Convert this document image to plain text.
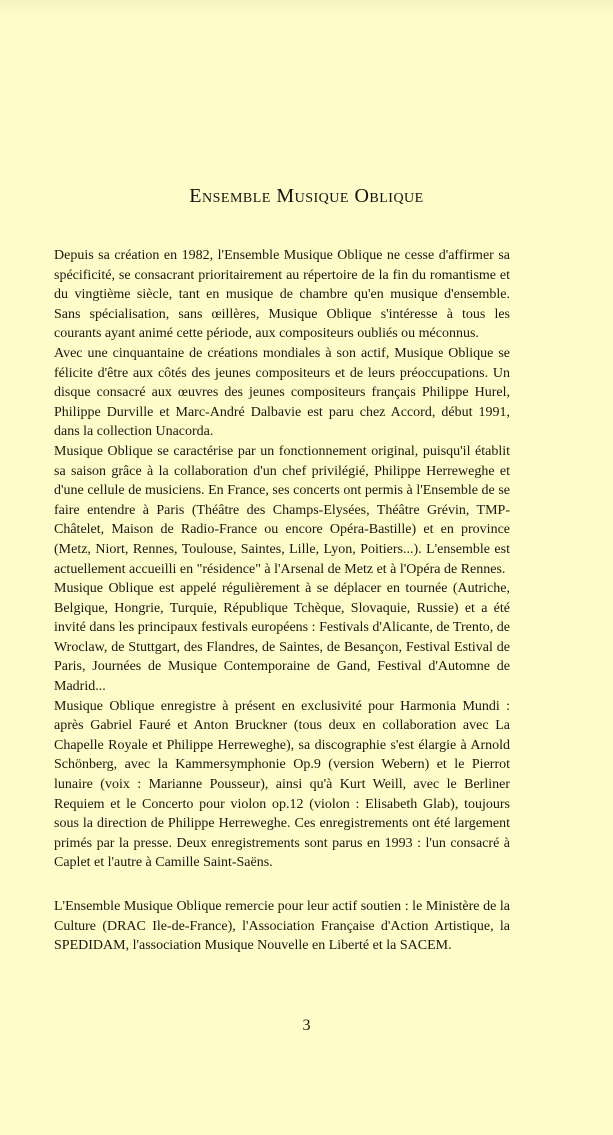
Ensemble Musique Oblique

Depuis sa création en 1982, l'Ensemble Musique Oblique ne cesse d'affirmer sa spécificité, se consacrant prioritairement au répertoire de la fin du romantisme et du vingtième siècle, tant en musique de chambre qu'en musique d'ensemble. Sans spécialisation, sans œillères, Musique Oblique s'intéresse à tous les courants ayant animé cette période, aux compositeurs oubliés ou méconnus.

Avec une cinquantaine de créations mondiales à son actif, Musique Oblique se félicite d'être aux côtés des jeunes compositeurs et de leurs préoccupations. Un disque consacré aux œuvres des jeunes compositeurs français Philippe Hurel, Philippe Durville et Marc-André Dalbavie est paru chez Accord, début 1991, dans la collection Unacorda.

Musique Oblique se caractérise par un fonctionnement original, puisqu'il établit sa saison grâce à la collaboration d'un chef privilégié, Philippe Herreweghe et d'une cellule de musiciens. En France, ses concerts ont permis à l'Ensemble de se faire entendre à Paris (Théâtre des Champs-Elysées, Théâtre Grévin, TMP-Châtelet, Maison de Radio-France ou encore Opéra-Bastille) et en province (Metz, Niort, Rennes, Toulouse, Saintes, Lille, Lyon, Poitiers...). L'ensemble est actuellement accueilli en "résidence" à l'Arsenal de Metz et à l'Opéra de Rennes.

Musique Oblique est appelé régulièrement à se déplacer en tournée (Autriche, Belgique, Hongrie, Turquie, République Tchèque, Slovaquie, Russie) et a été invité dans les principaux festivals européens : Festivals d'Alicante, de Trento, de Wroclaw, de Stuttgart, des Flandres, de Saintes, de Besançon, Festival Estival de Paris, Journées de Musique Contemporaine de Gand, Festival d'Automne de Madrid...

Musique Oblique enregistre à présent en exclusivité pour Harmonia Mundi : après Gabriel Fauré et Anton Bruckner (tous deux en collaboration avec La Chapelle Royale et Philippe Herreweghe), sa discographie s'est élargie à Arnold Schönberg, avec la Kammersymphonie Op.9 (version Webern) et le Pierrot lunaire (voix : Marianne Pousseur), ainsi qu'à Kurt Weill, avec le Berliner Requiem et le Concerto pour violon op.12 (violon : Elisabeth Glab), toujours sous la direction de Philippe Herreweghe. Ces enregistrements ont été largement primés par la presse. Deux enregistrements sont parus en 1993 : l'un consacré à Caplet et l'autre à Camille Saint-Saëns.

L'Ensemble Musique Oblique remercie pour leur actif soutien : le Ministère de la Culture (DRAC Ile-de-France), l'Association Française d'Action Artistique, la SPEDIDAM, l'association Musique Nouvelle en Liberté et la SACEM.

3
